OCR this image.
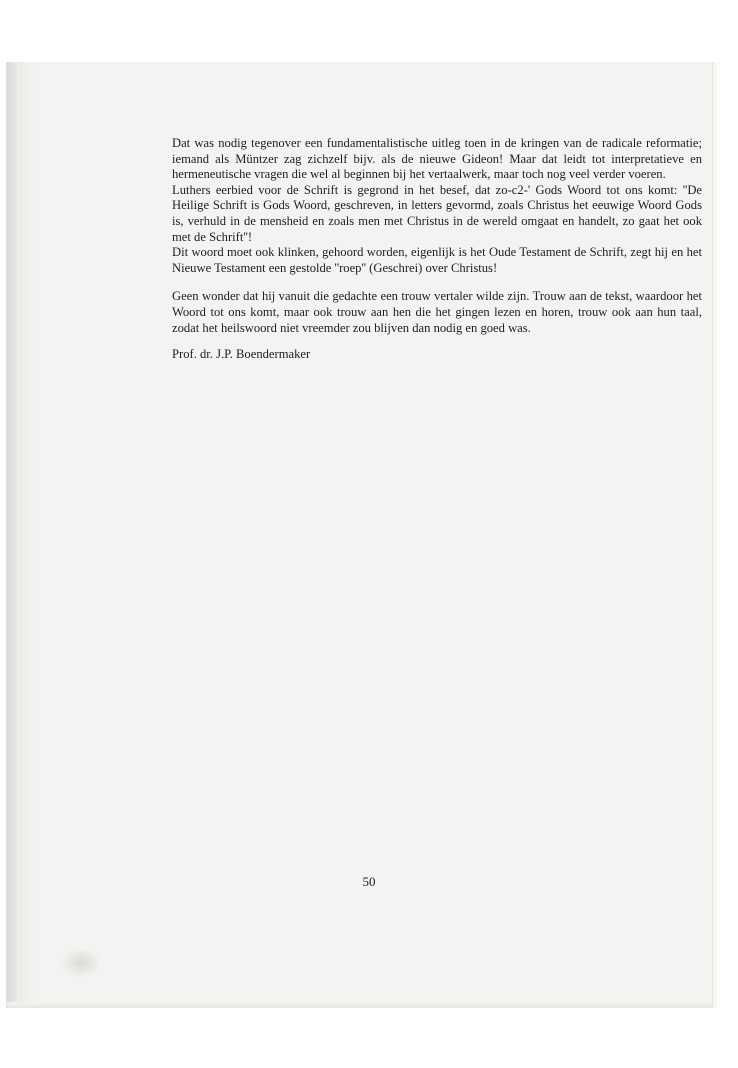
Dat was nodig tegenover een fundamentalistische uitleg toen in de kringen van de radicale reformatie; iemand als Müntzer zag zichzelf bijv. als de nieuwe Gideon! Maar dat leidt tot interpretatieve en hermeneutische vragen die wel al beginnen bij het vertaalwerk, maar toch nog veel verder voeren.

Luthers eerbied voor de Schrift is gegrond in het besef, dat zo-c2-' Gods Woord tot ons komt: ''De Heilige Schrift is Gods Woord, geschreven, in letters gevormd, zoals Christus het eeuwige Woord Gods is, verhuld in de mensheid en zoals men met Christus in de wereld omgaat en handelt, zo gaat het ook met de Schrift''!

Dit woord moet ook klinken, gehoord worden, eigenlijk is het Oude Testament de Schrift, zegt hij en het Nieuwe Testament een gestolde ''roep'' (Geschrei) over Christus!

Geen wonder dat hij vanuit die gedachte een trouw vertaler wilde zijn. Trouw aan de tekst, waardoor het Woord tot ons komt, maar ook trouw aan hen die het gingen lezen en horen, trouw ook aan hun taal, zodat het heilswoord niet vreemder zou blijven dan nodig en goed was.

Prof. dr. J.P. Boendermaker

50
